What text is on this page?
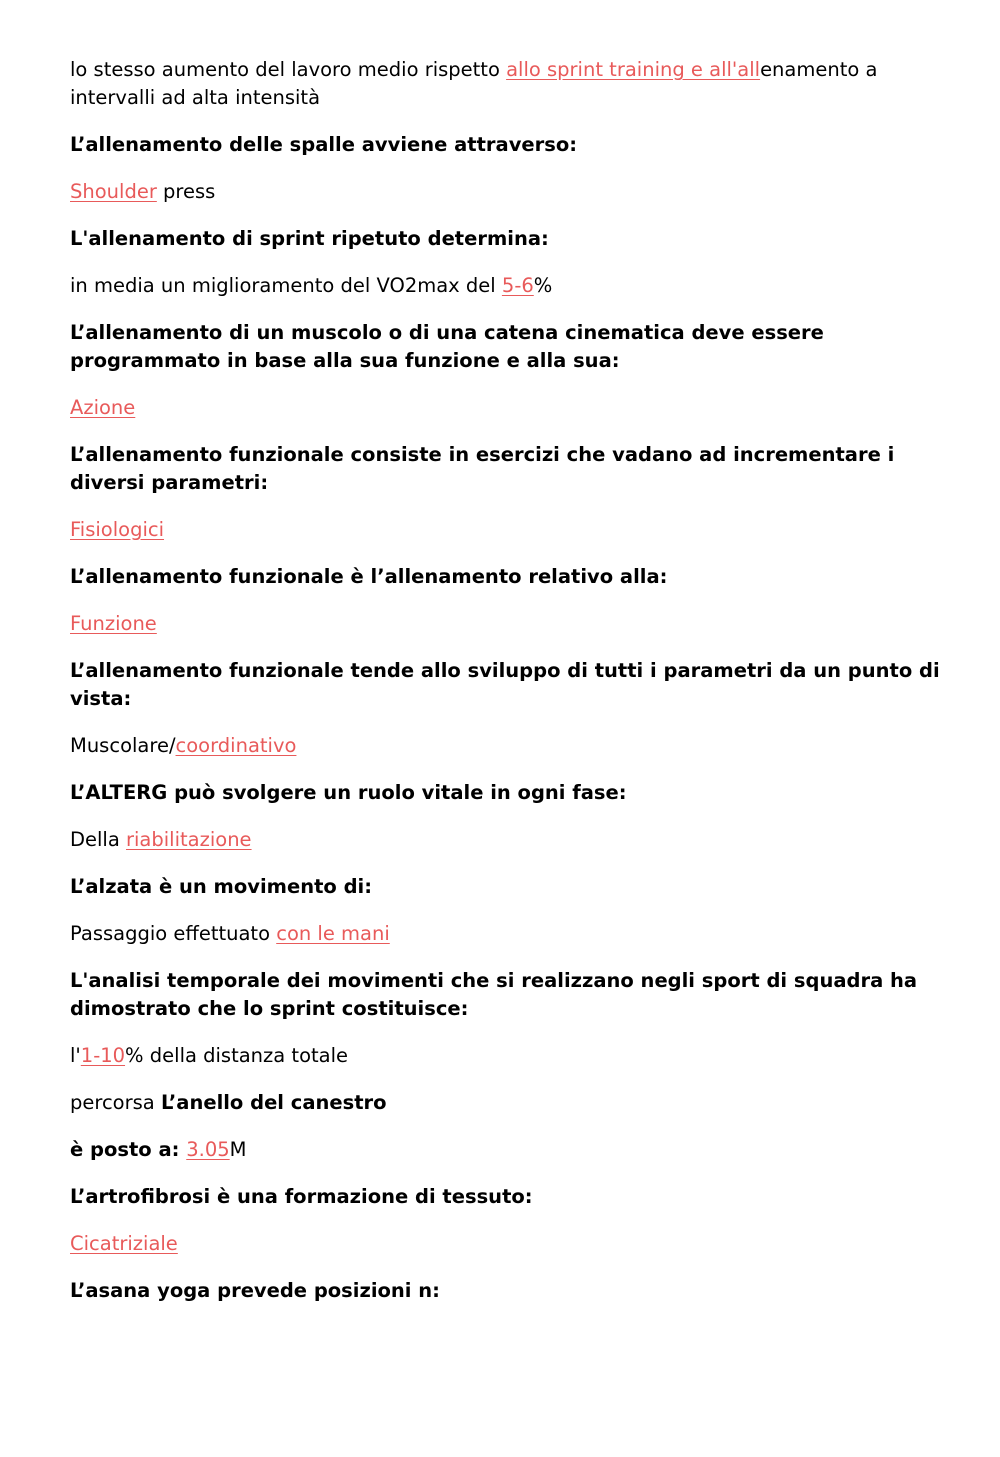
lo stesso aumento del lavoro medio rispetto allo sprint training e all'allenamento a intervalli ad alta intensità

L’allenamento delle spalle avviene attraverso:

Shoulder press

L'allenamento di sprint ripetuto determina:

in media un miglioramento del VO2max del 5-6%

L’allenamento di un muscolo o di una catena cinematica deve essere programmato in base alla sua funzione e alla sua:

Azione

L’allenamento funzionale consiste in esercizi che vadano ad incrementare i diversi parametri:

Fisiologici

L’allenamento funzionale è l’allenamento relativo alla:

Funzione

L’allenamento funzionale tende allo sviluppo di tutti i parametri da un punto di vista:

Muscolare/coordinativo

L’ALTERG può svolgere un ruolo vitale in ogni fase:

Della riabilitazione

L’alzata è un movimento di:

Passaggio effettuato con le mani

L'analisi temporale dei movimenti che si realizzano negli sport di squadra ha dimostrato che lo sprint costituisce:

l'1-10% della distanza totale

percorsa L’anello del canestro

è posto a: 3.05M

L’artrofibrosi è una formazione di tessuto:

Cicatriziale

L’asana yoga prevede posizioni n:
